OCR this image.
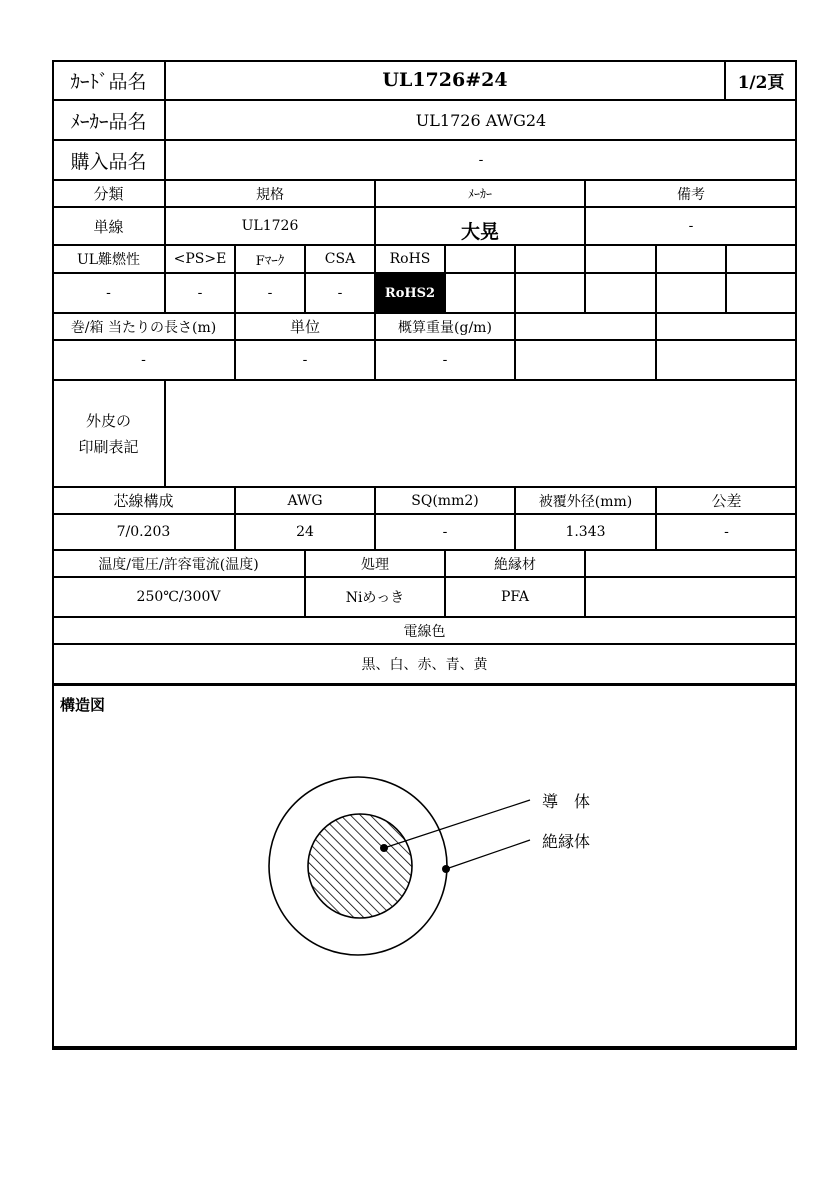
ｶｰﾄﾞ品名	UL1726#24	1/2頁
ﾒｰｶｰ品名	UL1726 AWG24
購入品名	-
分類	規格	ﾒｰｶｰ	備考
単線	UL1726	大晃	-
UL難燃性	<PS>E	Fﾏｰｸ	CSA	RoHS
-	-	-	-	RoHS2
巻/箱 当たりの長さ(m)	単位	概算重量(g/m)
-	-	-
外皮の
印刷表記
芯線構成	AWG	SQ(mm2)	被覆外径(mm)	公差
7/0.203	24	-	1.343	-
温度/電圧/許容電流(温度)	処理	絶縁材
250℃/300V	Niめっき	PFA
電線色
黒、白、赤、青、黄
構造図
導　体
絶縁体
